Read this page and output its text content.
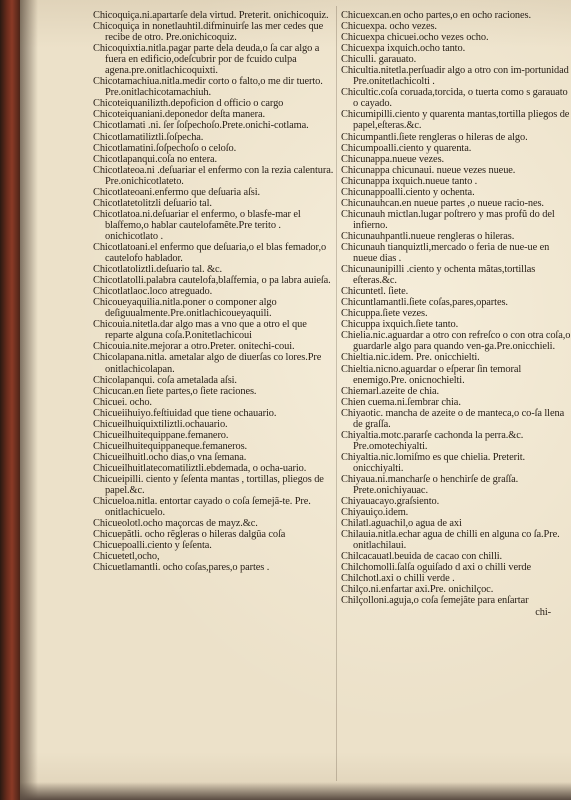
Chicoquiça.ni.apartarſe dela virtud. Preterit. onichicoquiz.
Chicoquiça in nonetlauhtil.difminuirſe las mer cedes que recibe de otro. Pre.onichicoquiz.
Chicoquixtia.nitla.pagar parte dela deuda,o ſa car algo a fuera en edificio,odeſcubrir por de fcuido culpa agena.pre.onitlachicoquixti.
Chicotamachiua.nitla.medir corto o falto,o me dir tuerto. Pre.onitlachicotamachiuh.
Chicoteiquanilizth.depoficion d officio o cargo
Chicoteiquaniani.deponedor deſta manera.
Chicotlamati .ni. ſer ſoſpechoſo.Prete.onichi-cotlama.
Chicotlamatiliztli.ſoſpecha.
Chicotlamatini.ſoſpechoſo o celoſo.
Chicotlapanqui.coſa no entera.
Chicotlateoa.ni .deſuariar el enfermo con la rezia calentura. Pre.onichicotlateto.
Chicotlateoani.enfermo que deſuaria aſsi.
Chicotlatetolitzli deſuario tal.
Chicotlatoa.ni.deſuariar el enfermo, o blasfe-mar el blaſfemo,o hablar cautelofamẽte.Pre terito . onichicotlato .
Chicotlatoani.el enfermo que deſuaria,o el blas femador,o cautelofo hablador.
Chicotlatoliztli.deſuario tal. &c.
Chicotlatolli.palabra cautelofa,blaſfemia, o pa labra auieſa.
Chicotlatlaoc.loco atreguado.
Chicoueyaquilia.nitla.poner o componer algo deſiguualmente.Pre.onitlachicoueyaquili.
Chicouia.nitetla.dar algo mas a vno que a otro el que reparte alguna coſa.P.onitetlachicoui
Chicouia.nite.mejorar a otro.Preter. onitechi-coui.
Chicolapana.nitla. ametalar algo de diuerſas co lores.Pre onitlachicolapan.
Chicolapanqui. coſa ametalada aſsi.
Chicucan.en ſiete partes,o ſiete raciones.
Chicuei. ocho.
Chicueiihuiyo.feſtiuidad que tiene ochauario.
Chicueilhuiquixtiliztli.ochauario.
Chicueilhuitequippane.femanero.
Chicueilhuitequippaneque.femaneros.
Chicueilhuitl.ocho dias,o vna ſemana.
Chicueilhuitlatecomatiliztli.ebdemada, o ocha-uario.
Chicueipilli. ciento y ſeſenta mantas , tortillas, pliegos de papel.&c.
Chicueloa.nitla. entortar cayado o coſa ſemejã-te. Pre. onitlachicuelo.
Chicueolotl.ocho maçorcas de mayz.&c.
Chicuepãtli. ocho rẽgleras o hileras dalgũa coſa
Chicuepoalli.ciento y ſeſenta.
Chicuetetl,ocho,
Chicuetlamantli. ocho coſas,pares,o partes .
Chicuexcan.en ocho partes,o en ocho raciones.
Chicuexpa. ocho vezes.
Chicuexpa chicuei.ocho vezes ocho.
Chicuexpa ixquich.ocho tanto.
Chiculli. garauato.
Chicultia.nitetla.perſuadir algo a otro con im-portunidad Pre.onitetlachicolti .
Chicultic.coſa coruada,torcida, o tuerta como s garauato o cayado.
Chicumipilli.ciento y quarenta mantas,tortilla pliegos de papel,eſteras.&c.
Chicumpantli.ſiete rengleras o hileras de algo.
Chicumpoalli.ciento y quarenta.
Chicunappa.nueue vezes.
Chicunappa chicunaui. nueue vezes nueue.
Chicunappa ixquich.nueue tanto .
Chicunappoalli.ciento y ochenta.
Chicunauhcan.en nueue partes ,o nueue racio-nes.
Chicunauh mictlan.lugar poſtrero y mas profũ do del infierno.
Chicunauhpantli.nueue rengleras o hileras.
Chicunauh tianquiztli,mercado o feria de nue-ue en nueue dias .
Chicunaunipilli .ciento y ochenta mãtas,tortillas eſteras.&c.
Chicuntetl. ſiete.
Chicuntlamantli.ſiete coſas,pares,opartes.
Chicuppa.ſiete vezes.
Chicuppa ixquich.ſiete tanto.
Chielia.nic.aguardar a otro con refreſco o con otra coſa,o guardarle algo para quando ven-ga.Pre.onicchieli.
Chieltia.nic.idem. Pre. onicchielti.
Chieltia.nicno.aguardar o eſperar ſin temoral enemigo.Pre. onicnochielti.
Chiemarl.azeite de chia.
Chien cuema.ni.ſembrar chia.
Chiyaotic. mancha de azeite o de manteca,o co-ſa llena de graſſa.
Chiyaltia.motc.pararſe cachonda la perra.&c. Pre.omotechiyalti.
Chiyaltia.nic.lomiſmo es que chielia. Preterit. onicchiyalti.
Chiyaua.ni.mancharſe o henchirſe de graſſa. Prete.onichiyauac.
Chiyauacayo.graſsiento.
Chiyauiço.idem.
Chilatl.aguachil,o agua de axi
Chilauia.nitla.echar agua de chilli en alguna co ſa.Pre. onitlachilaui.
Chilcacauatl.beuida de cacao con chilli.
Chilchomolli.ſalſa oguiſado d axi o chilli verde
Chilchotl.axi o chilli verde .
Chilço.ni.enfartar axi.Pre. onichilçoc.
Chilçolloni.aguja,o coſa ſemejãte para enſartar
chi-
